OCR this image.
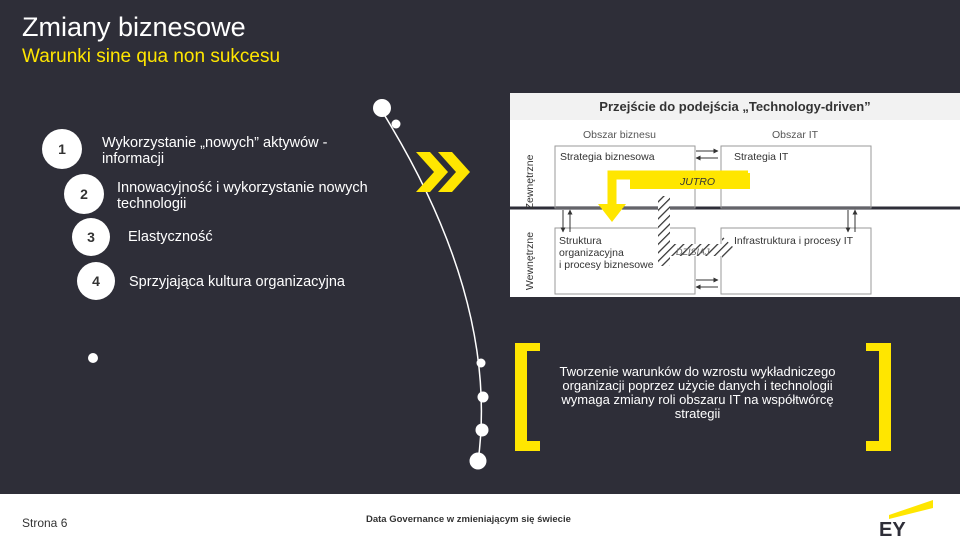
Zmiany biznesowe
Warunki sine qua non sukcesu
1 Wykorzystanie „nowych” aktywów - informacji
2 Innowacyjność i wykorzystanie nowych technologii
3 Elastyczność
4 Sprzyjająca kultura organizacyjna
Przejście do podejścia „Technology-driven”
Obszar biznesu	Obszar IT
Zewnętrzne
Wewnętrzne
Strategia biznesowa	Strategia IT
JUTRO
Struktura
organizacyjna
i procesy biznesowe
Infrastruktura i procesy IT
DZISIAJ
Tworzenie warunków do wzrostu wykładniczego organizacji poprzez użycie danych i technologii wymaga zmiany roli obszaru IT na współtwórcę strategii
Strona 6	Data Governance w zmieniającym się świecie	EY
